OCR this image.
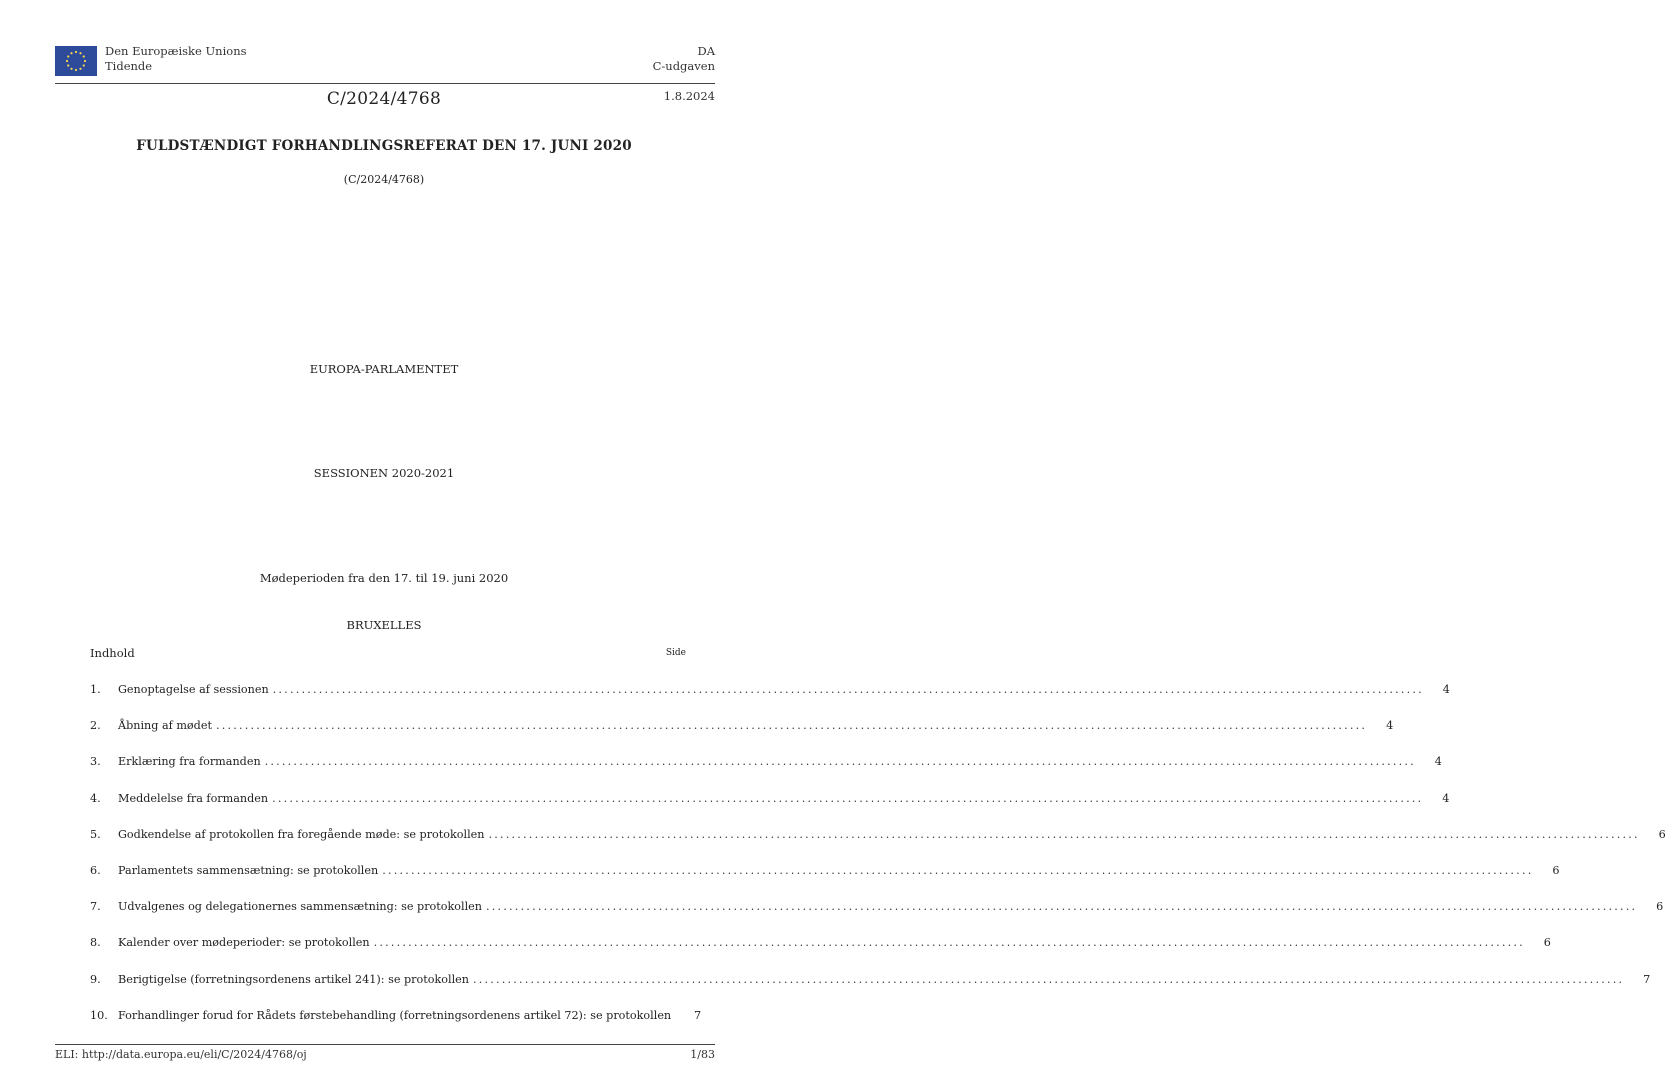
Den Europæiske Unions
Tidende
DA
C-udgaven
C/2024/4768	1.8.2024
FULDSTÆNDIGT FORHANDLINGSREFERAT DEN 17. JUNI 2020
(C/2024/4768)
EUROPA-PARLAMENTET
SESSIONEN 2020-2021
Mødeperioden fra den 17. til 19. juni 2020
BRUXELLES
Indhold	Side
1.	Genoptagelse af sessionen ........................................................................................................................................................................................................	4
2.	Åbning af mødet ........................................................................................................................................................................................................	4
3.	Erklæring fra formanden ........................................................................................................................................................................................................	4
4.	Meddelelse fra formanden ........................................................................................................................................................................................................	4
5.	Godkendelse af protokollen fra foregående møde: se protokollen ........................................................................................................................................................................................................	6
6.	Parlamentets sammensætning: se protokollen ........................................................................................................................................................................................................	6
7.	Udvalgenes og delegationernes sammensætning: se protokollen ........................................................................................................................................................................................................	6
8.	Kalender over mødeperioder: se protokollen ........................................................................................................................................................................................................	6
9.	Berigtigelse (forretningsordenens artikel 241): se protokollen ........................................................................................................................................................................................................	7
10. Forhandlinger forud for Rådets førstebehandling (forretningsordenens artikel 72): se protokollen	7
ELI: http://data.europa.eu/eli/C/2024/4768/oj	1/83
